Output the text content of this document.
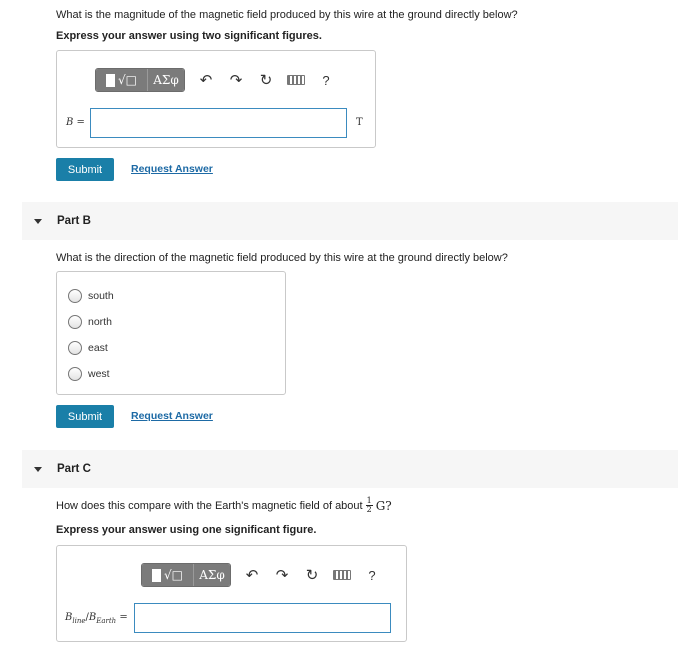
What is the magnitude of the magnetic field produced by this wire at the ground directly below?
Express your answer using two significant figures.
√□	ΑΣφ	↶	↷	↻	?
B =	T
Submit	Request Answer
Part B
What is the direction of the magnetic field produced by this wire at the ground directly below?
south
north
east
west
Submit	Request Answer
Part C
How does this compare with the Earth's magnetic field of about $\frac{1}{2} G$?
Express your answer using one significant figure.
√□	ΑΣφ	↶	↷	↻	?
$B_{line}/B_{Earth}$ =
